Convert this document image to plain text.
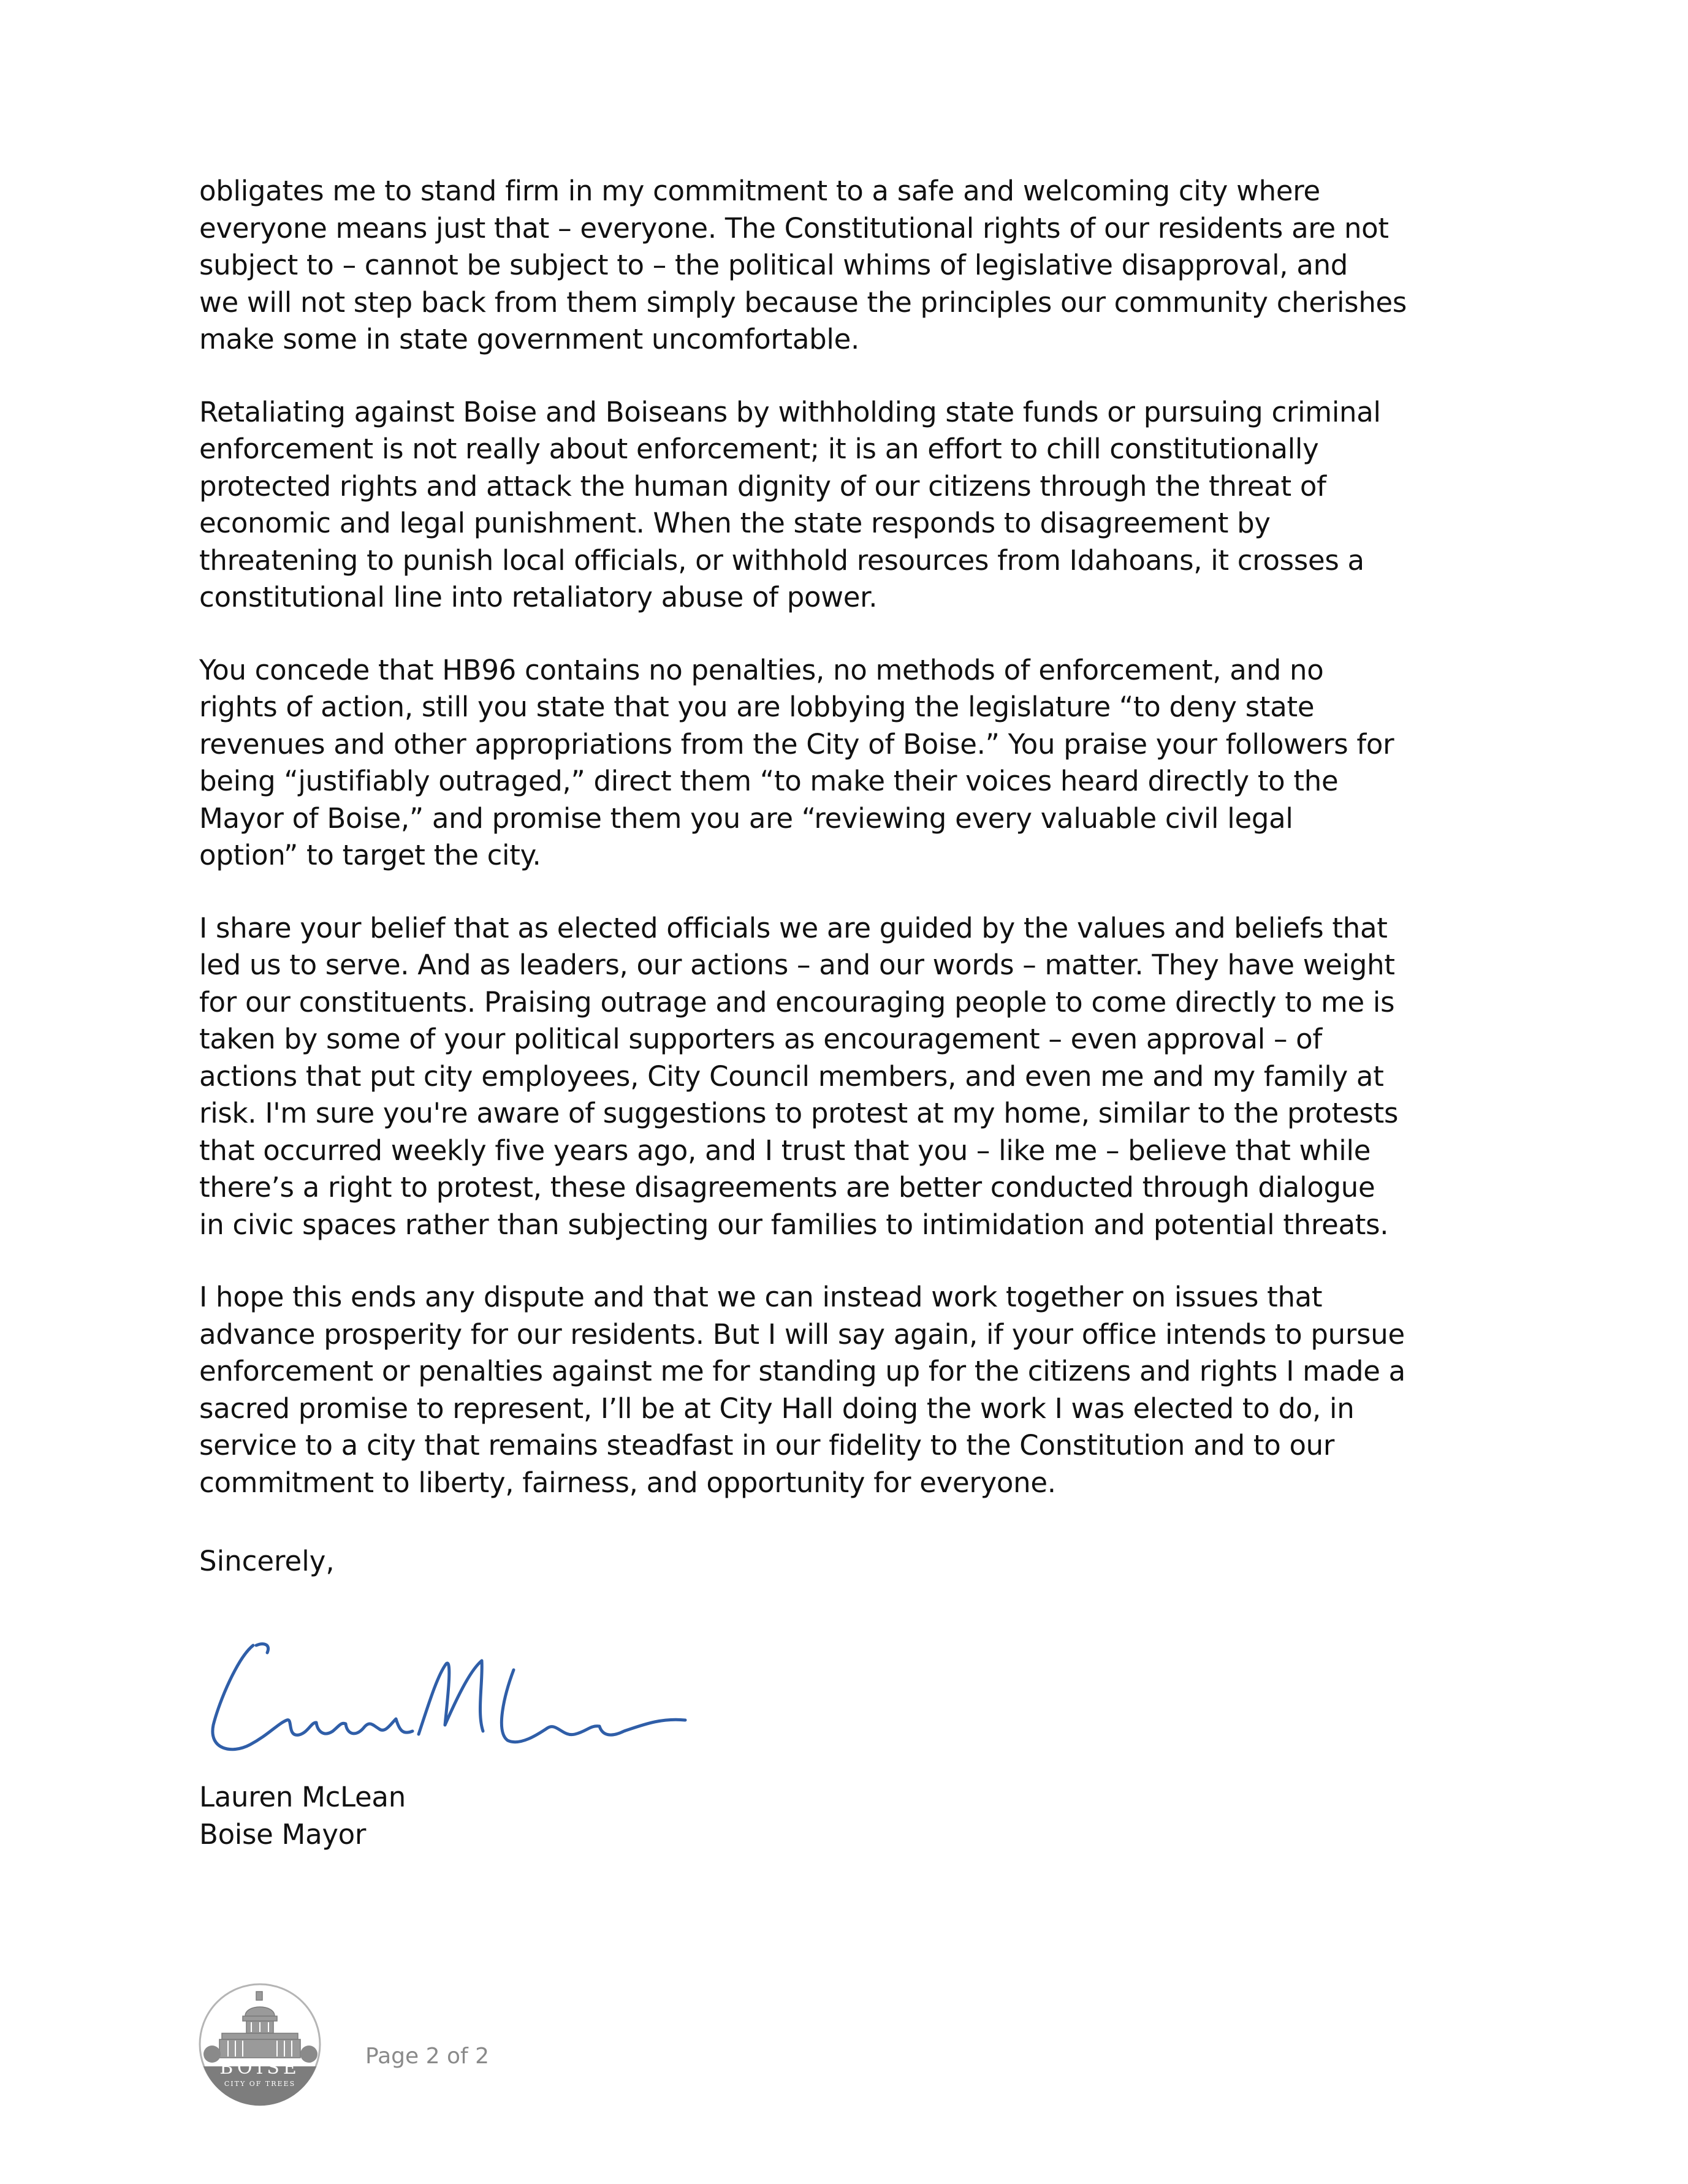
obligates me to stand firm in my commitment to a safe and welcoming city where
everyone means just that – everyone. The Constitutional rights of our residents are not
subject to – cannot be subject to – the political whims of legislative disapproval, and
we will not step back from them simply because the principles our community cherishes
make some in state government uncomfortable.
Retaliating against Boise and Boiseans by withholding state funds or pursuing criminal
enforcement is not really about enforcement; it is an effort to chill constitutionally
protected rights and attack the human dignity of our citizens through the threat of
economic and legal punishment. When the state responds to disagreement by
threatening to punish local officials, or withhold resources from Idahoans, it crosses a
constitutional line into retaliatory abuse of power.
You concede that HB96 contains no penalties, no methods of enforcement, and no
rights of action, still you state that you are lobbying the legislature “to deny state
revenues and other appropriations from the City of Boise.” You praise your followers for
being “justifiably outraged,” direct them “to make their voices heard directly to the
Mayor of Boise,” and promise them you are “reviewing every valuable civil legal
option” to target the city.
I share your belief that as elected officials we are guided by the values and beliefs that
led us to serve. And as leaders, our actions – and our words – matter. They have weight
for our constituents. Praising outrage and encouraging people to come directly to me is
taken by some of your political supporters as encouragement – even approval – of
actions that put city employees, City Council members, and even me and my family at
risk. I'm sure you're aware of suggestions to protest at my home, similar to the protests
that occurred weekly five years ago, and I trust that you – like me – believe that while
there’s a right to protest, these disagreements are better conducted through dialogue
in civic spaces rather than subjecting our families to intimidation and potential threats.
I hope this ends any dispute and that we can instead work together on issues that
advance prosperity for our residents. But I will say again, if your office intends to pursue
enforcement or penalties against me for standing up for the citizens and rights I made a
sacred promise to represent, I’ll be at City Hall doing the work I was elected to do, in
service to a city that remains steadfast in our fidelity to the Constitution and to our
commitment to liberty, fairness, and opportunity for everyone.
Sincerely,
Lauren McLean
Boise Mayor
BOISE
CITY OF TREES
Page 2 of 2
